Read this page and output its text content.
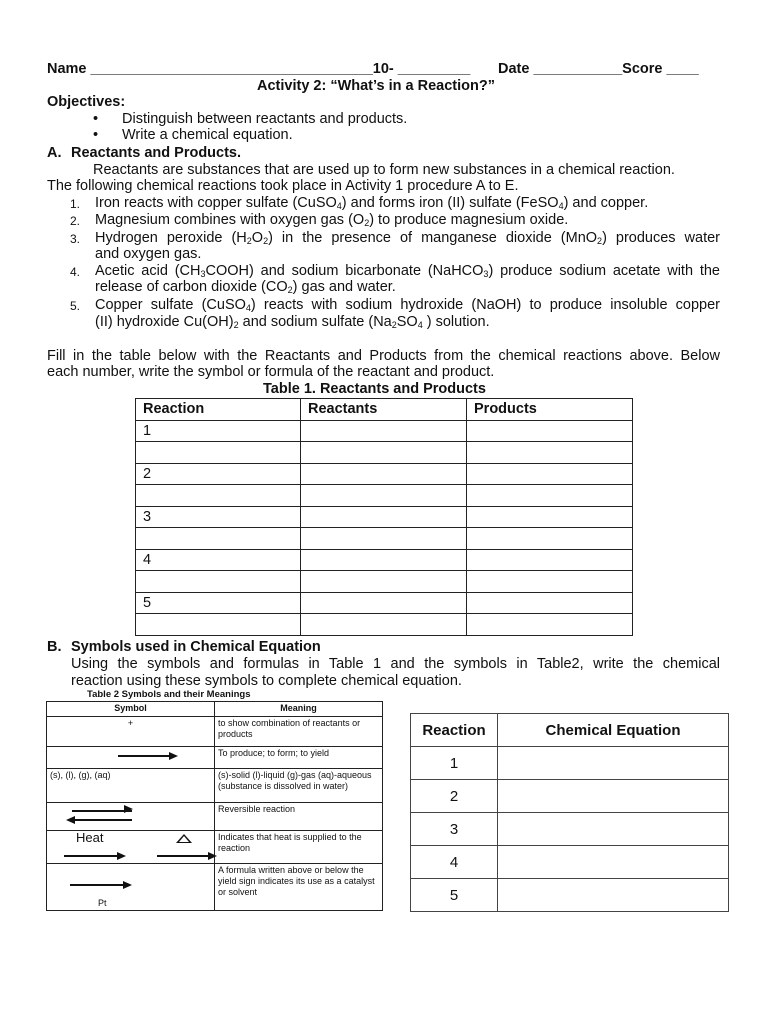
Name ___________________________________10- _________ Date ___________Score ____
Activity 2: “What’s in a Reaction?”
Objectives:
• Distinguish between reactants and products.
• Write a chemical equation.
A. Reactants and Products.
Reactants are substances that are used up to form new substances in a chemical reaction.
The following chemical reactions took place in Activity 1 procedure A to E.
1. Iron reacts with copper sulfate (CuSO$_4$) and forms iron (II) sulfate (FeSO$_4$) and copper.
2. Magnesium combines with oxygen gas $(O_2)$ to produce magnesium oxide.
3. Hydrogen peroxide $(H_2O_2)$ in the presence of manganese dioxide (MnO$_2$) produces water
and oxygen gas.
4. Acetic acid $(CH_3COOH)$ and sodium bicarbonate (NaHCO$_3$) produce sodium acetate with the
release of carbon dioxide $(CO_2)$ gas and water.
5. Copper sulfate (CuSO$_4$) reacts with sodium hydroxide (NaOH) to produce insoluble copper
(II) hydroxide $Cu(OH)_2$ and sodium sulfate ($Na_2SO_4$ ) solution.
Fill in the table below with the Reactants and Products from the chemical reactions above. Below
each number, write the symbol or formula of the reactant and product.
Table 1. Reactants and Products
Reaction	Reactants	Products
1		

2		

3		

4		

5		

B. Symbols used in Chemical Equation
Using the symbols and formulas in Table 1 and the symbols in Table2, write the chemical
reaction using these symbols to complete chemical equation.
Table 2 Symbols and their Meanings
Symbol	Meaning
+	to show combination of reactants or products

	To produce; to form; to yield
(s), (l), (g), (aq)	(s)-solid (l)-liquid (g)-gas (aq)-aqueous
(substance is dissolved in water)

	Reversible reaction

Heat	Indicates that heat is supplied to the reaction

Pt	A formula written above or below the yield sign indicates its use as a catalyst or solvent
Reaction	Chemical Equation
1	
2	
3	
4	
5	
